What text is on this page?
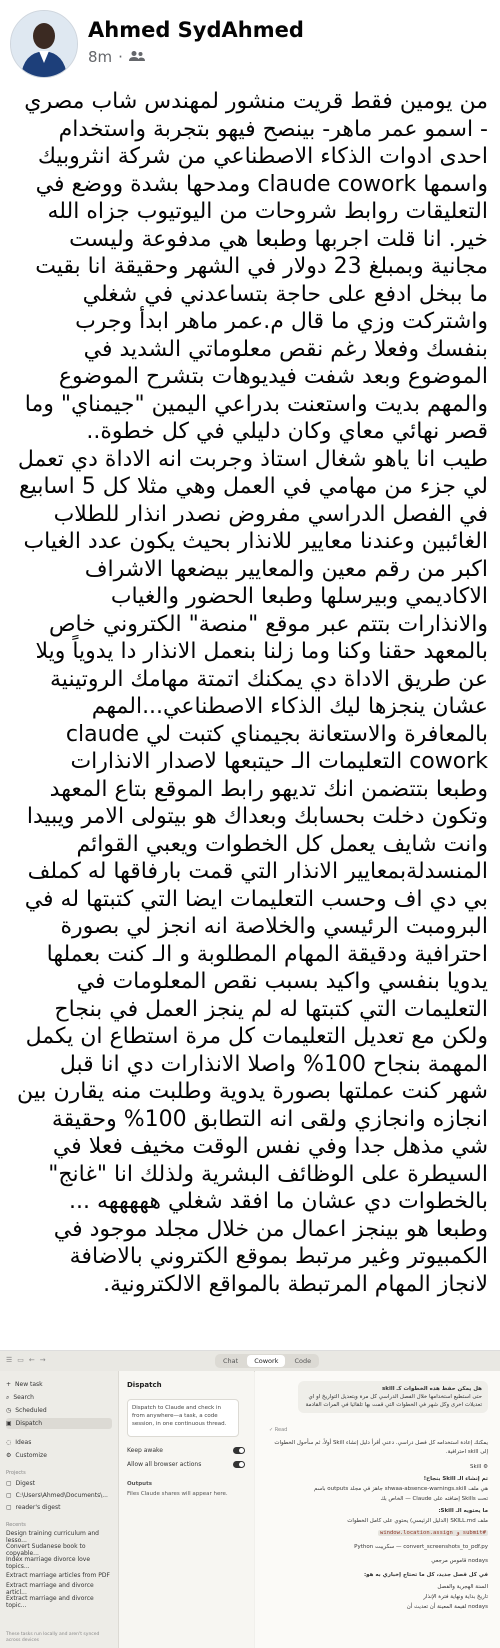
Ahmed SydAhmed
8m ·

من يومين فقط قريت منشور لمهندس شاب مصري - اسمو عمر ماهر- بينصح فيهو بتجربة واستخدام احدى ادوات الذكاء الاصطناعي من شركة انثروبيك واسمها claude cowork ومدحها بشدة ووضع في التعليقات روابط شروحات من اليوتيوب جزاه الله خير. انا قلت اجربها وطبعا هي مدفوعة وليست مجانية وبمبلغ 23 دولار في الشهر وحقيقة انا بقيت ما ببخل ادفع على حاجة بتساعدني في شغلي واشتركت وزي ما قال م.عمر ماهر ابدأ وجرب بنفسك وفعلا رغم نقص معلوماتي الشديد في الموضوع وبعد شفت فيديوهات بتشرح الموضوع والمهم بديت واستعنت بدراعي اليمين "جيمناي" وما قصر نهائي معاي وكان دليلي في كل خطوة..

طيب انا ياهو شغال استاذ وجربت انه الاداة دي تعمل لي جزء من مهامي في العمل وهي مثلا كل 5 اسابيع في الفصل الدراسي مفروض نصدر انذار للطلاب الغائبين وعندنا معايير للانذار بحيث يكون عدد الغياب اكبر من رقم معين والمعايير بيضعها الاشراف الاكاديمي وبيرسلها وطبعا الحضور والغياب والانذارات بتتم عبر موقع "منصة" الكتروني خاص بالمعهد حقنا وكنا وما زلنا بنعمل الانذار دا يدوياً ويلا عن طريق الاداة دي يمكنك اتمتة مهامك الروتينية عشان ينجزها ليك الذكاء الاصطناعي...المهم بالمعافرة والاستعانة بجيمناي كتبت لي claude cowork التعليمات الـ حيتبعها لاصدار الانذارات وطبعا بتتضمن انك تديهو رابط الموقع بتاع المعهد وتكون دخلت بحسابك وبعداك هو بيتولى الامر ويبيدا وانت شايف يعمل كل الخطوات ويعبي القوائم المنسدلةبمعايير الانذار التي قمت بارفاقها له كملف بي دي اف وحسب التعليمات ايضا التي كتبتها له في البرومبت الرئيسي والخلاصة انه انجز لي بصورة احترافية ودقيقة المهام المطلوبة و الـ كنت بعملها يدويا بنفسي واكيد بسبب نقص المعلومات في التعليمات التي كتبتها له لم ينجز العمل في بنجاح ولكن مع تعديل التعليمات كل مرة استطاع ان يكمل المهمة بنجاح 100% واصلا الانذارات دي انا قبل شهر كنت عملتها بصورة يدوية وطلبت منه يقارن بين انجازه وانجازي ولقى انه التطابق 100% وحقيقة شي مذهل جدا وفي نفس الوقت مخيف فعلا في السيطرة على الوظائف البشرية ولذلك انا "غانج" بالخطوات دي عشان ما افقد شغلي هههههه ...

وطبعا هو بينجز اعمال من خلال مجلد موجود في الكمبيوتر وغير مرتبط بموقع الكتروني بالاضافة لانجاز المهام المرتبطة بالمواقع الالكترونية.

☰ ▭ ← →	Chat	Cowork	Code
+ New task
⌕ Search
◷ Scheduled
▣ Dispatch
◌ Ideas
⚙ Customize
Projects
▢ Digest
▢ C:\Users\Ahmed\Documents\...
▢ reader's digest
Recents
Design training curriculum and lesso...
Convert Sudanese book to copyable...
Index marriage divorce love topics...
Extract marriage articles from PDF
Extract marriage and divorce articl...
Extract marriage and divorce topic...
These tasks run locally and aren't synced across devices
Dispatch
Dispatch to Claude and check in from anywhere—a task, a code session, in one continuous thread.
Keep awake
Allow all browser actions
Outputs
Files Claude shares will appear here.
هل يمكن حفظ هذه الخطوات كـ skill
حتى استطيع استخدامها خلال الفصل الدراسي كل مرة وبتعديل التواريخ او اي تعديلات اخرى وكل شهر في الخطوات التي قمت بها تلقائيا في المرات القادمة
✓ Read
يمكنك إعادة استخدامه كل فصل دراسي. دعني أقرأ دليل إنشاء Skill أولاً، ثم سأحول الخطوات إلى skill احترافية.
⚙ Skill
تم إنشاء الـ Skill بنجاح!
هي ملف shwaa-absence-warnings.skill جاهز في مجلد outputs باسم
تحت Skills إضافته على Claude — الخاص بك
ما يحتويه الـ Skill:
ملف SKILL.md (الدليل الرئيسي) يحتوي على كامل الخطوات
window.location.assign و submit#
convert_screenshots_to_pdf.py — سكريبت Python
nodays قاموس مرجعي
في كل فصل جديد، كل ما تحتاج إخباري به هو:
السنة الهجرية والفصل
تاريخ بداية ونهاية فترة الإنذار
nodays لقيمة المعينة أن تعديث أن
